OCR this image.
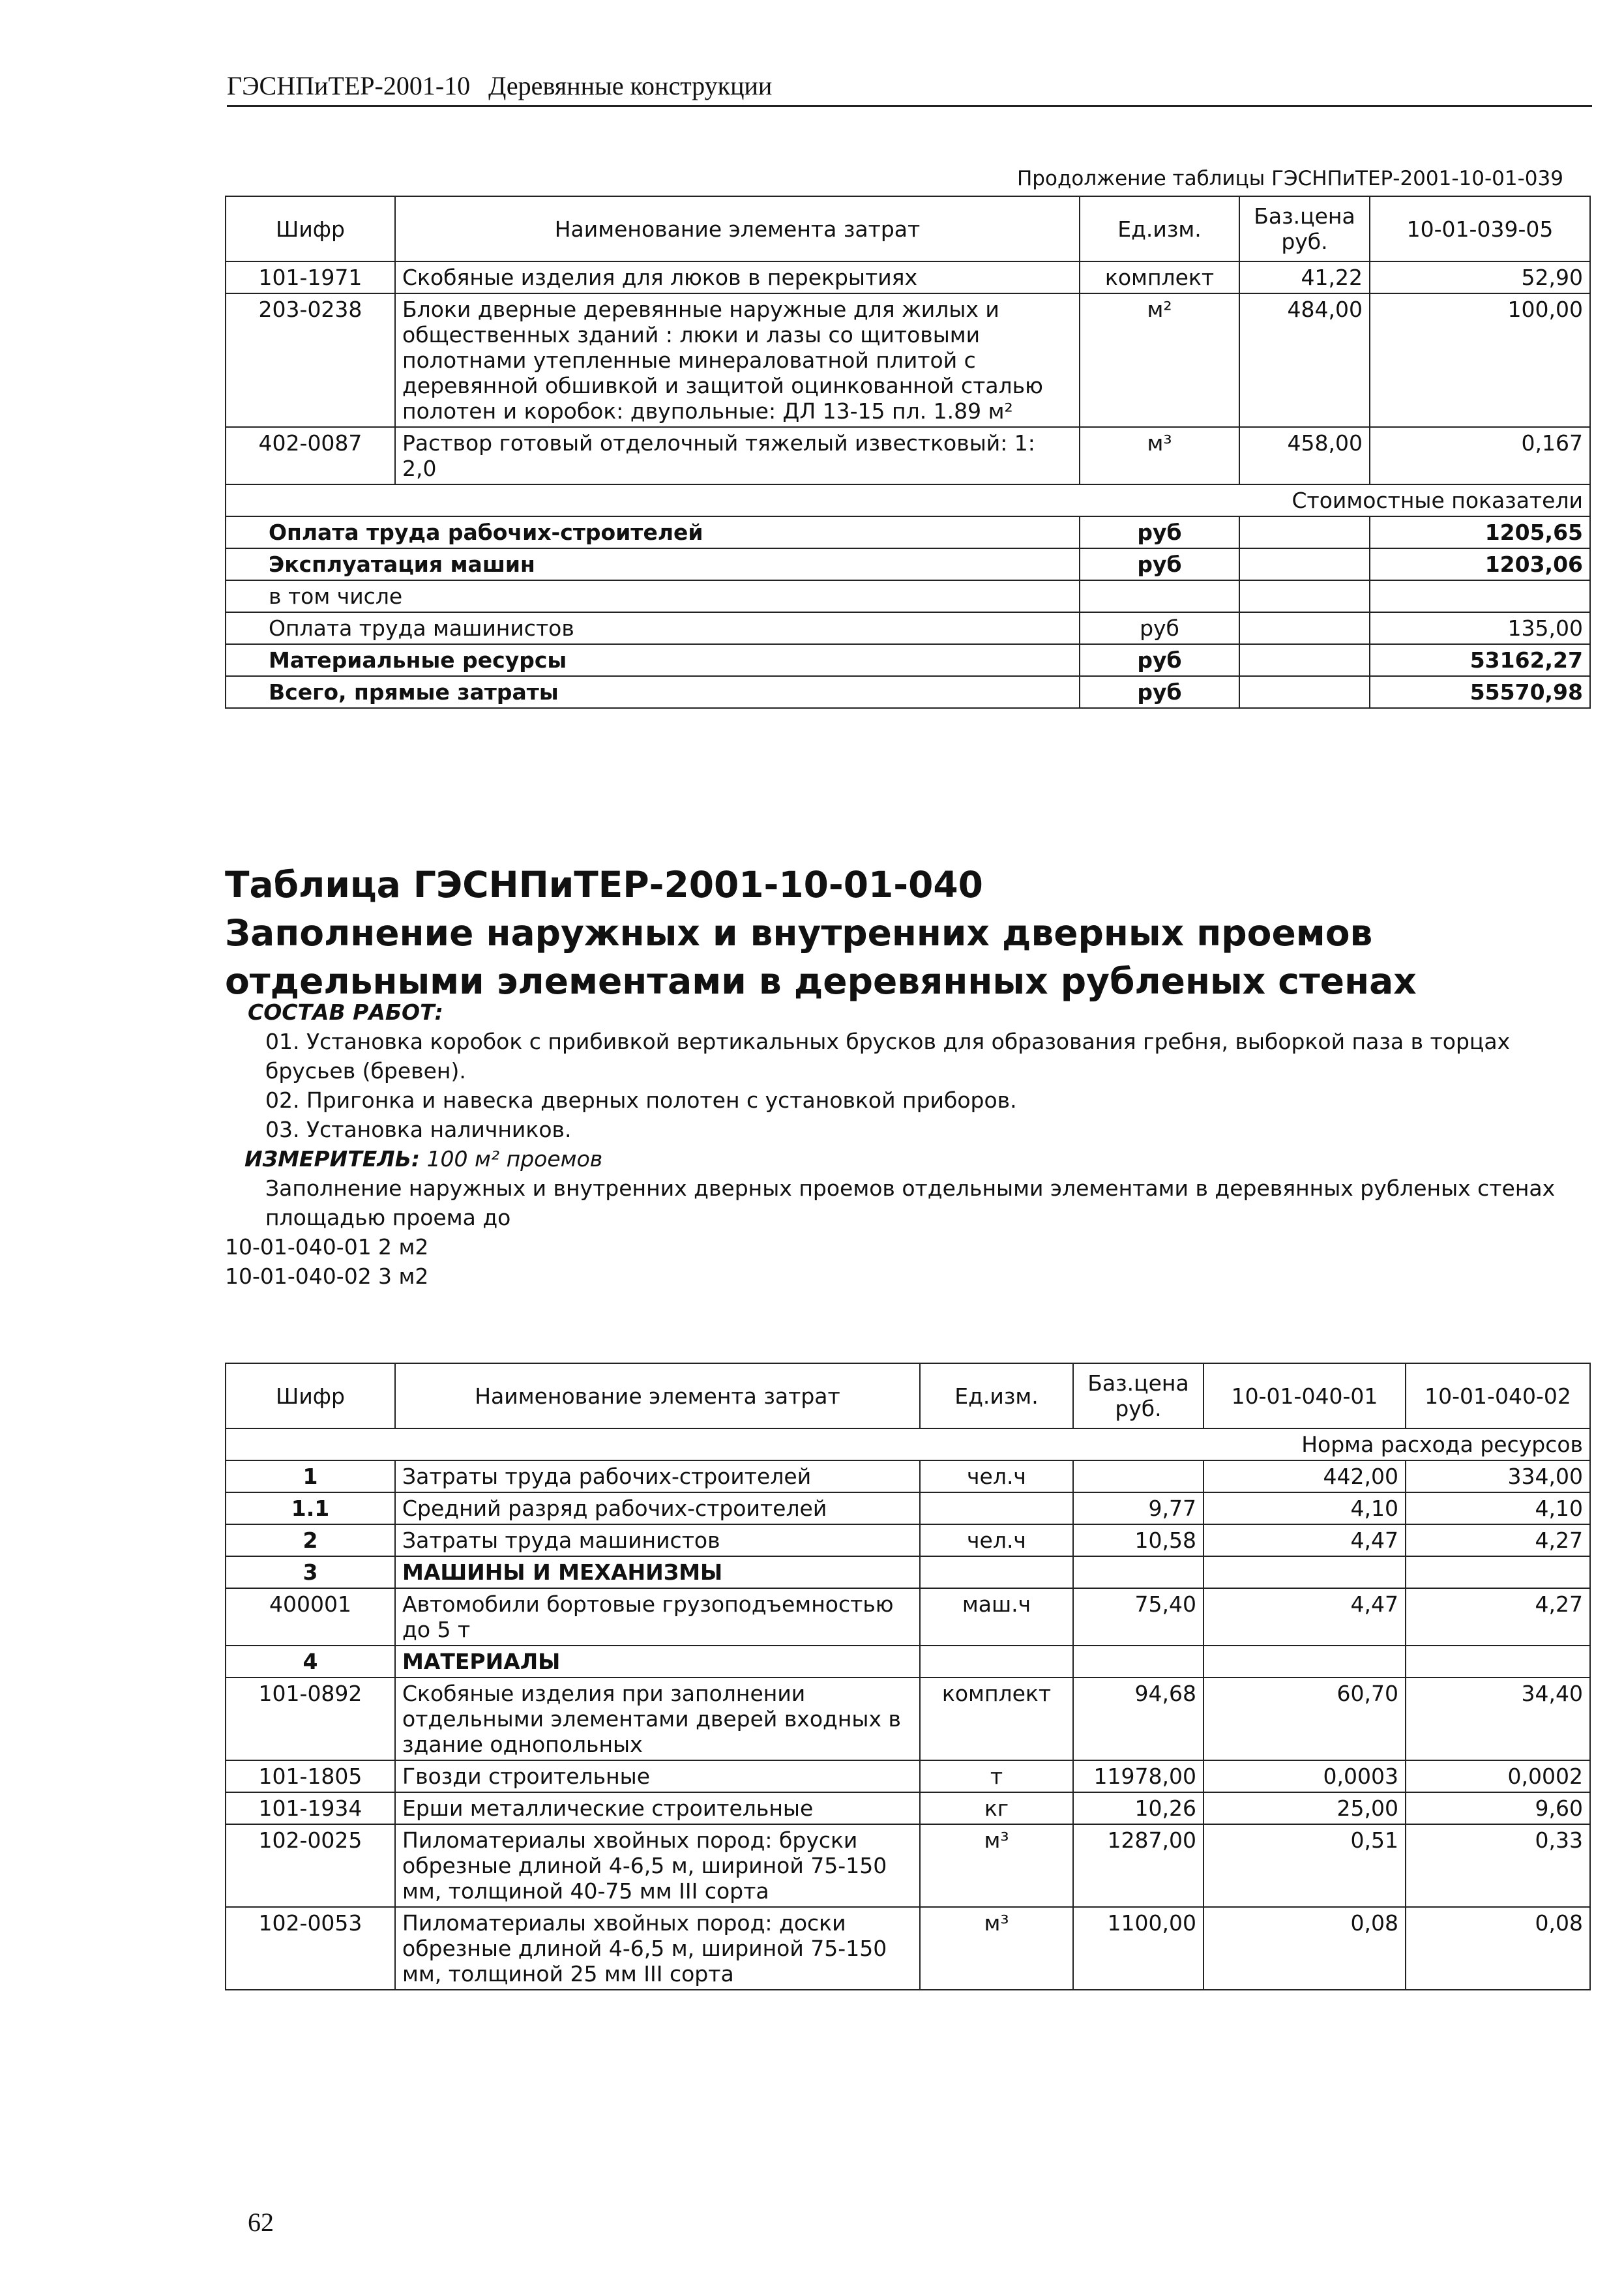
ГЭСНПиТЕР-2001-10 Деревянные конструкции
Продолжение таблицы ГЭСНПиТЕР-2001-10-01-039
Шифр	Наименование элемента затрат	Ед.изм.	Баз.цена руб.	10-01-039-05
101-1971	Скобяные изделия для люков в перекрытиях	комплект	41,22	52,90
203-0238	Блоки дверные деревянные наружные для жилых и общественных зданий : люки и лазы со щитовыми полотнами утепленные минераловатной плитой с деревянной обшивкой и защитой оцинкованной сталью полотен и коробок: двупольные: ДЛ 13-15 пл. 1.89 м²	м²	484,00	100,00
402-0087	Раствор готовый отделочный тяжелый известковый: 1: 2,0	м³	458,00	0,167
Стоимостные показатели				
Оплата труда рабочих-строителей		руб		1205,65
Эксплуатация машин		руб		1203,06
в том числе				
Оплата труда машинистов		руб		135,00
Материальные ресурсы		руб		53162,27
Всего, прямые затраты		руб		55570,98
Таблица ГЭСНПиТЕР-2001-10-01-040
Заполнение наружных и внутренних дверных проемов отдельными элементами в деревянных рубленых стенах
СОСТАВ РАБОТ:
01. Установка коробок с прибивкой вертикальных брусков для образования гребня, выборкой паза в торцах брусьев (бревен).
02. Пригонка и навеска дверных полотен с установкой приборов.
03. Установка наличников.
ИЗМЕРИТЕЛЬ: 100 м² проемов
Заполнение наружных и внутренних дверных проемов отдельными элементами в деревянных рубленых стенах площадью проема до
10-01-040-01 2 м2
10-01-040-02 3 м2
Шифр	Наименование элемента затрат	Ед.изм.	Баз.цена руб.	10-01-040-01	10-01-040-02
Норма расхода ресурсов					
1	Затраты труда рабочих-строителей	чел.ч		442,00	334,00
1.1	Средний разряд рабочих-строителей		9,77	4,10	4,10
2	Затраты труда машинистов	чел.ч	10,58	4,47	4,27
3	МАШИНЫ И МЕХАНИЗМЫ				
400001	Автомобили бортовые грузоподъемностью до 5 т	маш.ч	75,40	4,47	4,27
4	МАТЕРИАЛЫ				
101-0892	Скобяные изделия при заполнении отдельными элементами дверей входных в здание однопольных	комплект	94,68	60,70	34,40
101-1805	Гвозди строительные	т	11978,00	0,0003	0,0002
101-1934	Ерши металлические строительные	кг	10,26	25,00	9,60
102-0025	Пиломатериалы хвойных пород: бруски обрезные длиной 4-6,5 м, шириной 75-150 мм, толщиной 40-75 мм III сорта	м³	1287,00	0,51	0,33
102-0053	Пиломатериалы хвойных пород: доски обрезные длиной 4-6,5 м, шириной 75-150 мм, толщиной 25 мм III сорта	м³	1100,00	0,08	0,08
62
